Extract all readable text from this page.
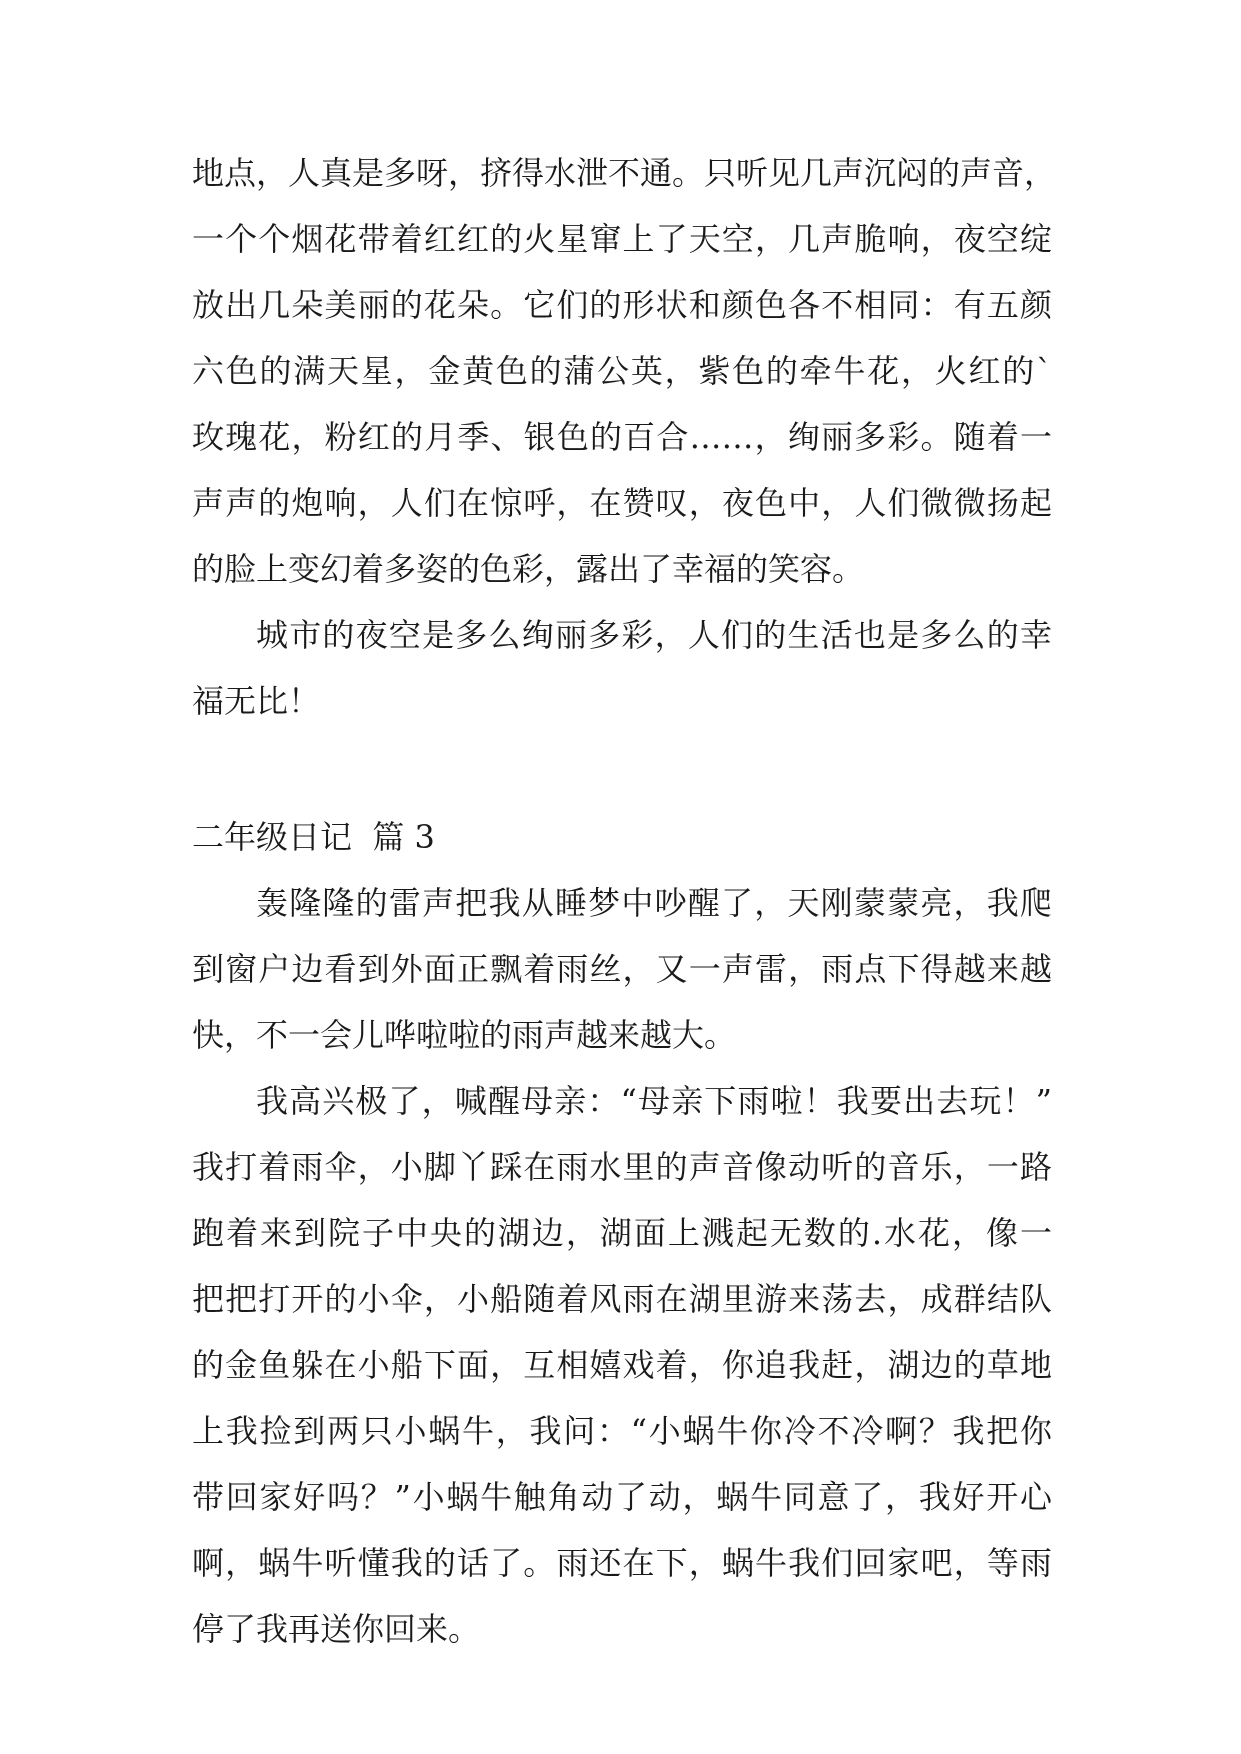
地点，人真是多呀，挤得水泄不通。只听见几声沉闷的声音，
一个个烟花带着红红的火星窜上了天空，几声脆响，夜空绽
放出几朵美丽的花朵。它们的形状和颜色各不相同：有五颜
六色的满天星，金黄色的蒲公英，紫色的牵牛花，火红的`
玫瑰花，粉红的月季、银色的百合……，绚丽多彩。随着一
声声的炮响，人们在惊呼，在赞叹，夜色中，人们微微扬起
的脸上变幻着多姿的色彩，露出了幸福的笑容。
城市的夜空是多么绚丽多彩，人们的生活也是多么的幸
福无比！
二年级日记  篇 3
轰隆隆的雷声把我从睡梦中吵醒了，天刚蒙蒙亮，我爬
到窗户边看到外面正飘着雨丝，又一声雷，雨点下得越来越
快，不一会儿哗啦啦的雨声越来越大。
我高兴极了，喊醒母亲：“母亲下雨啦！我要出去玩！”
我打着雨伞，小脚丫踩在雨水里的声音像动听的音乐，一路
跑着来到院子中央的湖边，湖面上溅起无数的.水花，像一
把把打开的小伞，小船随着风雨在湖里游来荡去，成群结队
的金鱼躲在小船下面，互相嬉戏着，你追我赶，湖边的草地
上我捡到两只小蜗牛，我问：“小蜗牛你冷不冷啊？我把你
带回家好吗？”小蜗牛触角动了动，蜗牛同意了，我好开心
啊，蜗牛听懂我的话了。雨还在下，蜗牛我们回家吧，等雨
停了我再送你回来。
